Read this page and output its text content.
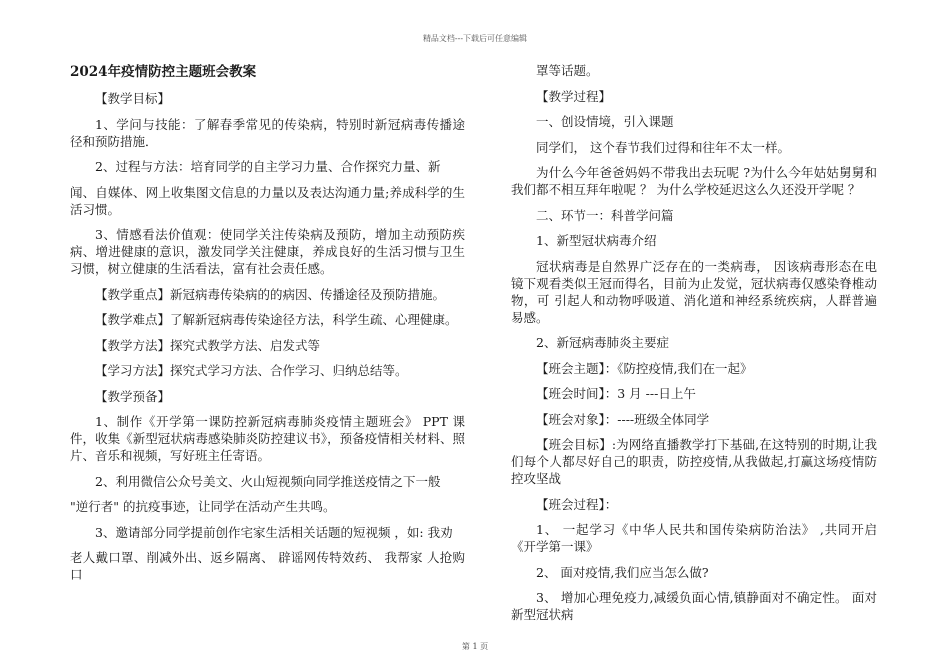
精品文档---下载后可任意编辑
2024年疫情防控主题班会教案

【教学目标】

1、学问与技能：了解春季常见的传染病，特别时新冠病毒传播途径和预防措施．

2、过程与方法：培育同学的自主学习力量、合作探究力量、新

闻、自媒体、网上收集图文信息的力量以及表达沟通力量;养成科学的生活习惯。

3、情感看法价值观：使同学关注传染病及预防，增加主动预防疾病、增进健康的意识，激发同学关注健康，养成良好的生活习惯与卫生习惯，树立健康的生活看法，富有社会责任感。

【教学重点】新冠病毒传染病的的病因、传播途径及预防措施。

【教学难点】了解新冠病毒传染途径方法，科学生疏、心理健康。

【教学方法】探究式教学方法、启发式等

【学习方法】探究式学习方法、合作学习、归纳总结等。

【教学预备】

1、制作《开学第一课防控新冠病毒肺炎疫情主题班会》 PPT 课件，收集《新型冠状病毒感染肺炎防控建议书》，预备疫情相关材料、照片、音乐和视频，写好班主任寄语。

2、利用微信公众号美文、火山短视频向同学推送疫情之下一般

"逆行者" 的抗疫事迹，让同学在活动产生共鸣。

3、邀请部分同学提前创作宅家生活相关话题的短视频 ，如: 我劝

老人戴口罩、削减外出、返乡隔离、 辟谣网传特效药、 我帮家 人抢购口

罩等话题。

【教学过程】

一、创设情境，引入课题

同学们， 这个春节我们过得和往年不太一样。

为什么今年爸爸妈妈不带我出去玩呢 ?为什么今年姑姑舅舅和我们都不相互拜年啦呢 ？ 为什么学校延迟这么久还没开学呢 ？

二、环节一：科普学问篇

1、新型冠状病毒介绍

冠状病毒是自然界广泛存在的一类病毒， 因该病毒形态在电镜下观看类似王冠而得名，目前为止发觉，冠状病毒仅感染脊椎动物，可 引起人和动物呼吸道、消化道和神经系统疾病，人群普遍易感。

2、新冠病毒肺炎主要症

【班会主题】：《防控疫情,我们在一起》

【班会时间】：3 月 ---日上午

【班会对象】：----班级全体同学

【班会目标】:为网络直播教学打下基础,在这特别的时期,让我们每个人都尽好自己的职责，防控疫情,从我做起,打赢这场疫情防控攻坚战

【班会过程】：

1、 一起学习《中华人民共和国传染病防治法》 ,共同开启《开学第一课》

2、 面对疫情,我们应当怎么做?

3、 增加心理免疫力,减缓负面心情,镇静面对不确定性。 面对新型冠状病

第 1 页
